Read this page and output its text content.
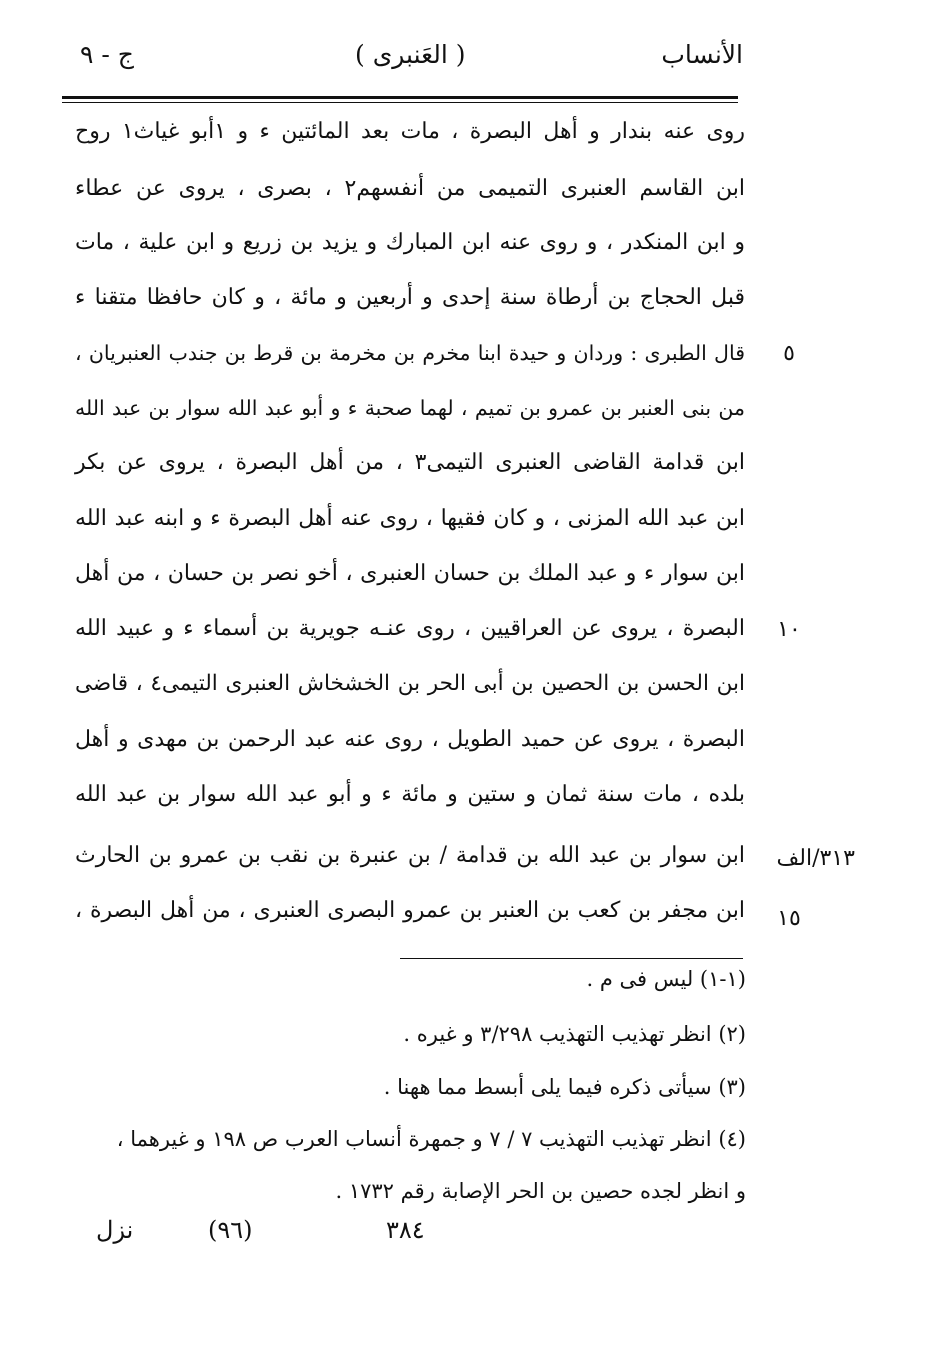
الأنساب
( العَنبرى )
ج - ٩
روى عنه بندار و أهل البصرة ، مات بعد المائتين ء و ١أبو غياث١ روح
ابن القاسم العنبرى التميمى من أنفسهم٢ ، بصرى ، يروى عن عطاء
و ابن المنكدر ، و روى عنه ابن المبارك و يزيد بن زريع و ابن علية ، مات
قبل الحجاج بن أرطاة سنة إحدى و أربعين و مائة ، و كان حافظا متقنا ء
قال الطبرى : وردان و حيدة ابنا مخرم بن مخرمة بن قرط بن جندب العنبريان ،
من بنى العنبر بن عمرو بن تميم ، لهما صحبة ء و أبو عبد الله سوار بن عبد الله
ابن قدامة القاضى العنبرى التيمى٣ ، من أهل البصرة ، يروى عن بكر
ابن عبد الله المزنى ، و كان فقيها ، روى عنه أهل البصرة ء و ابنه عبد الله
ابن سوار ء و عبد الملك بن حسان العنبرى ، أخو نصر بن حسان ، من أهل
البصرة ، يروى عن العراقيين ، روى عنـه جويرية بن أسماء ء و عبيد الله
ابن الحسن بن الحصين بن أبى الحر بن الخشخاش العنبرى التيمى٤ ، قاضى
البصرة ، يروى عن حميد الطويل ، روى عنه عبد الرحمن بن مهدى و أهل
بلده ، مات سنة ثمان و ستين و مائة ء و أبو عبد الله سوار بن عبد الله
ابن سوار بن عبد الله بن قدامة / بن عنبرة بن نقب بن عمرو بن الحارث
ابن مجفر بن كعب بن العنبر بن عمرو البصرى العنبرى ، من أهل البصرة ،
٥
١٠
٣١٣/الف
١٥
(١-١) ليس فى م .
(٢) انظر تهذيب التهذيب ٣/٢٩٨ و غيره .
(٣) سيأتى ذكره فيما يلى أبسط مما ههنا .
(٤) انظر تهذيب التهذيب ٧ / ٧ و جمهرة أنساب العرب ص ١٩٨ و غيرهما ،
و انظر لجده حصين بن الحر الإصابة رقم ١٧٣٢ .
٣٨٤
(٩٦)
نزل
